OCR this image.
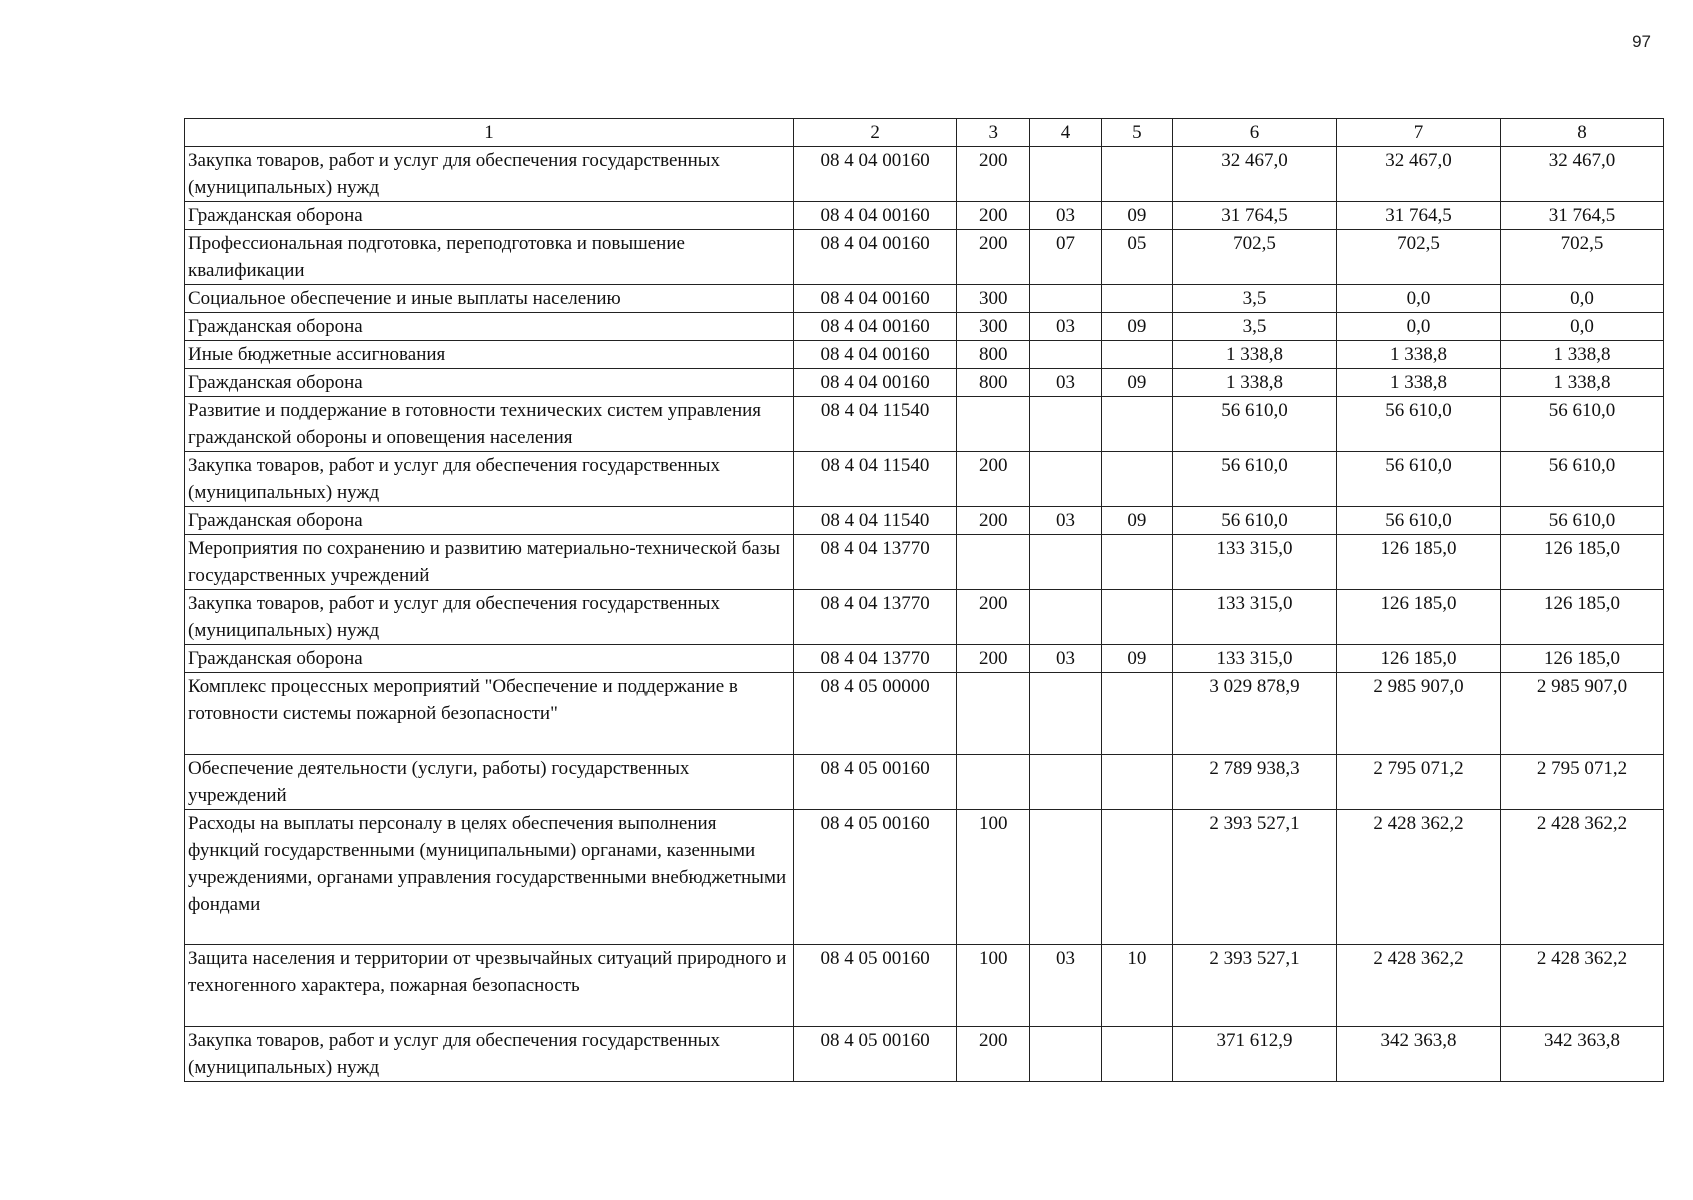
97
1	2	3	4	5	6	7	8
Закупка товаров, работ и услуг для обеспечения государственных (муниципальных) нужд	08 4 04 00160	200			32 467,0	32 467,0	32 467,0
Гражданская оборона	08 4 04 00160	200	03	09	31 764,5	31 764,5	31 764,5
Профессиональная подготовка, переподготовка и повышение квалификации	08 4 04 00160	200	07	05	702,5	702,5	702,5
Социальное обеспечение и иные выплаты населению	08 4 04 00160	300			3,5	0,0	0,0
Гражданская оборона	08 4 04 00160	300	03	09	3,5	0,0	0,0
Иные бюджетные ассигнования	08 4 04 00160	800			1 338,8	1 338,8	1 338,8
Гражданская оборона	08 4 04 00160	800	03	09	1 338,8	1 338,8	1 338,8
Развитие и поддержание в готовности технических систем управления гражданской обороны и оповещения населения	08 4 04 11540				56 610,0	56 610,0	56 610,0
Закупка товаров, работ и услуг для обеспечения государственных (муниципальных) нужд	08 4 04 11540	200			56 610,0	56 610,0	56 610,0
Гражданская оборона	08 4 04 11540	200	03	09	56 610,0	56 610,0	56 610,0
Мероприятия по сохранению и развитию материально-технической базы государственных учреждений	08 4 04 13770				133 315,0	126 185,0	126 185,0
Закупка товаров, работ и услуг для обеспечения государственных (муниципальных) нужд	08 4 04 13770	200			133 315,0	126 185,0	126 185,0
Гражданская оборона	08 4 04 13770	200	03	09	133 315,0	126 185,0	126 185,0
Комплекс процессных мероприятий "Обеспечение и поддержание в готовности системы пожарной безопасности"	08 4 05 00000				3 029 878,9	2 985 907,0	2 985 907,0
Обеспечение деятельности (услуги, работы) государственных учреждений	08 4 05 00160				2 789 938,3	2 795 071,2	2 795 071,2
Расходы на выплаты персоналу в целях обеспечения выполнения функций государственными (муниципальными) органами, казенными учреждениями, органами управления государственными внебюджетными фондами	08 4 05 00160	100			2 393 527,1	2 428 362,2	2 428 362,2
Защита населения и территории от чрезвычайных ситуаций природного и техногенного характера, пожарная безопасность	08 4 05 00160	100	03	10	2 393 527,1	2 428 362,2	2 428 362,2
Закупка товаров, работ и услуг для обеспечения государственных (муниципальных) нужд	08 4 05 00160	200			371 612,9	342 363,8	342 363,8
